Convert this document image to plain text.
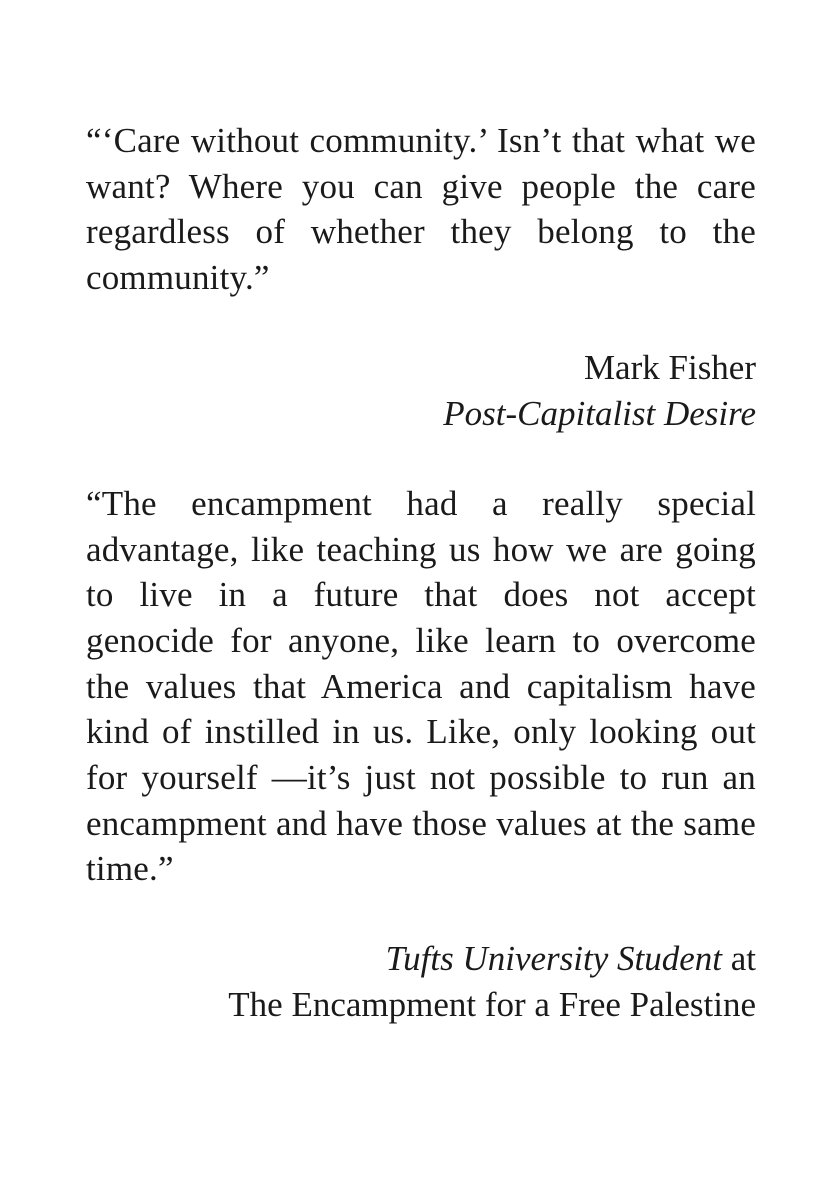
“‘Care without community.’ Isn’t that what we want? Where you can give people the care regardless of whether they belong to the community.”

Mark Fisher
Post-Capitalist Desire

“The encampment had a really special advantage, like teaching us how we are going to live in a future that does not accept genocide for anyone, like learn to overcome the values that America and capitalism have kind of instilled in us. Like, only looking out for yourself —it’s just not possible to run an encampment and have those values at the same time.”

Tufts University Student at
The Encampment for a Free Palestine
